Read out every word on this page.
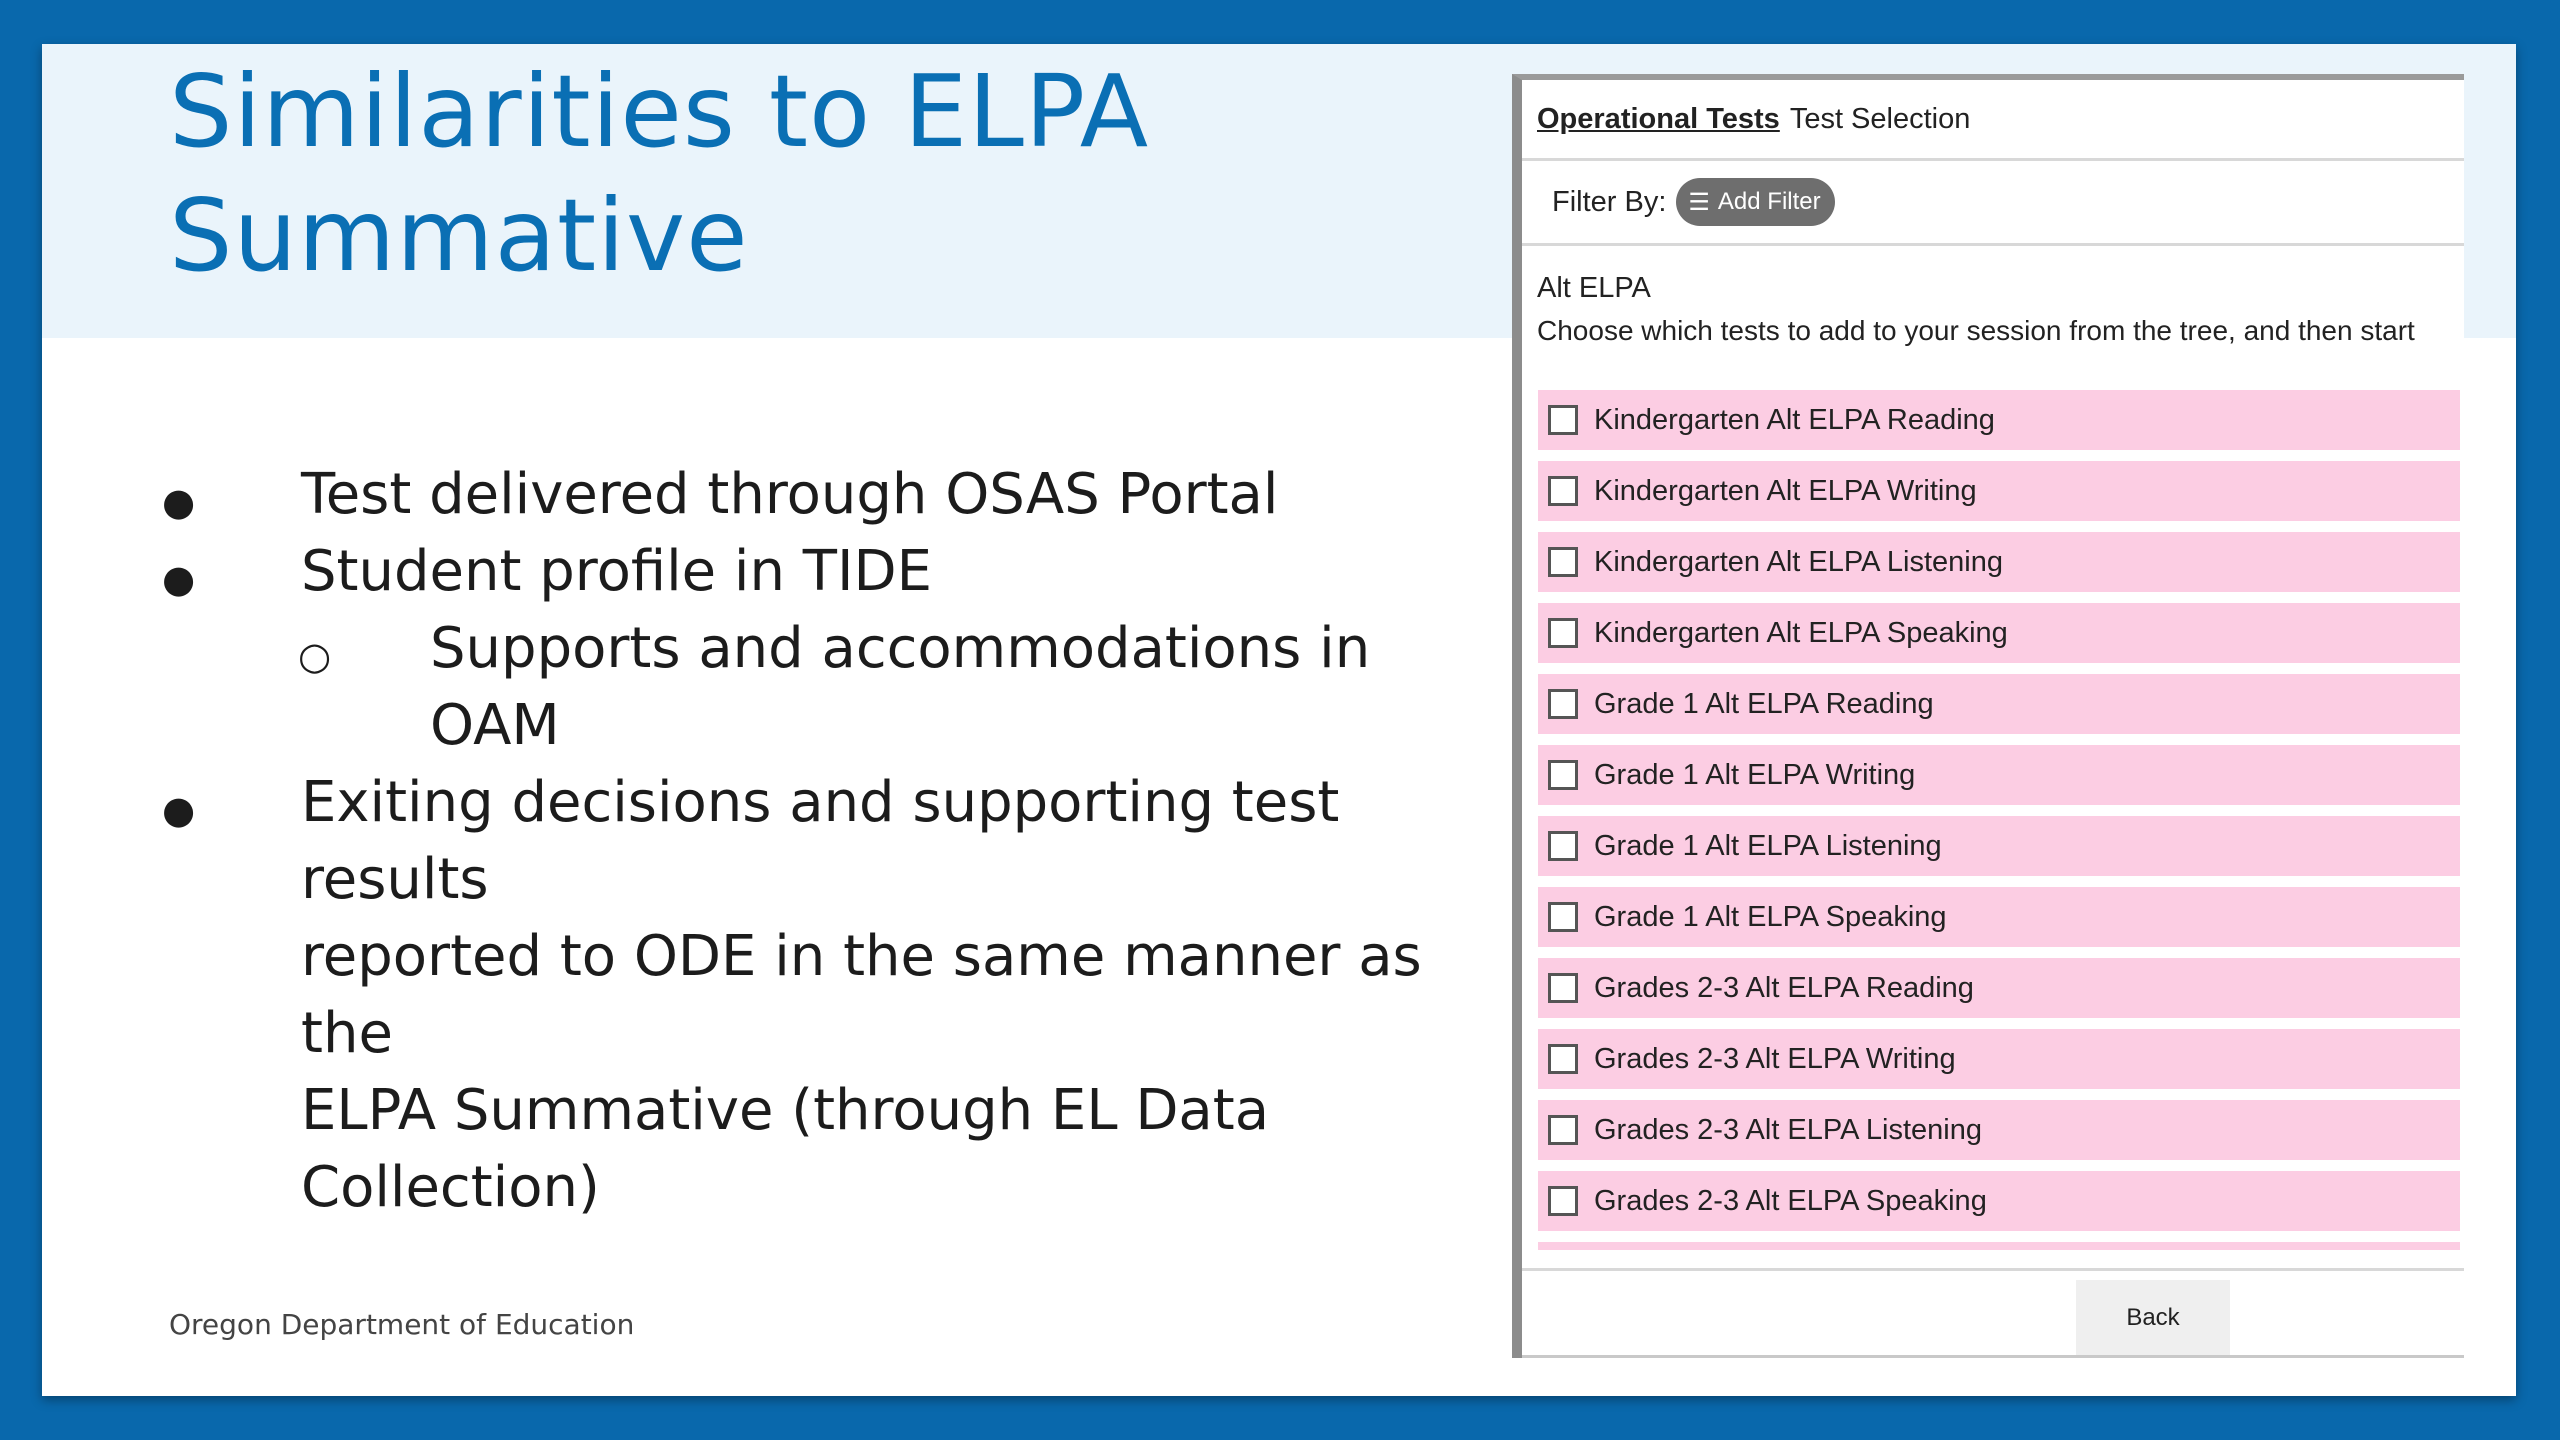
Similarities to ELPA
Summative
● Test delivered through OSAS Portal
● Student profile in TIDE
○ Supports and accommodations in
OAM
● Exiting decisions and supporting test results
reported to ODE in the same manner as the
ELPA Summative (through EL Data
Collection)
Oregon Department of Education
Operational Tests Test Selection
Filter By: ☰ Add Filter
Alt ELPA
Choose which tests to add to your session from the tree, and then start
Kindergarten Alt ELPA Reading
Kindergarten Alt ELPA Writing
Kindergarten Alt ELPA Listening
Kindergarten Alt ELPA Speaking
Grade 1 Alt ELPA Reading
Grade 1 Alt ELPA Writing
Grade 1 Alt ELPA Listening
Grade 1 Alt ELPA Speaking
Grades 2-3 Alt ELPA Reading
Grades 2-3 Alt ELPA Writing
Grades 2-3 Alt ELPA Listening
Grades 2-3 Alt ELPA Speaking
Back
